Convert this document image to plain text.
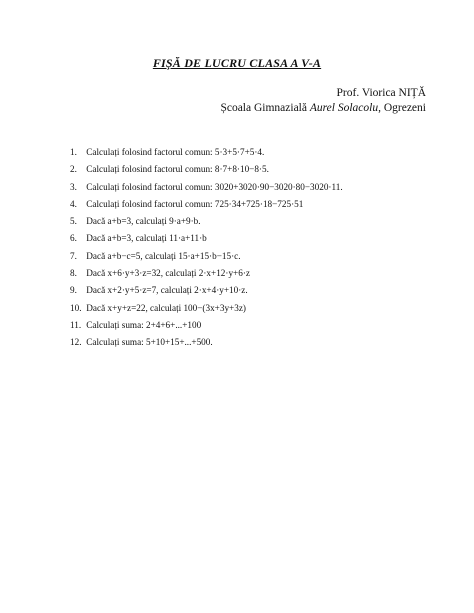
FIȘĂ DE LUCRU CLASA A V-A
Prof. Viorica NIȚĂ
Școala Gimnazială Aurel Solacolu, Ogrezeni
1. Calculați folosind factorul comun: 5·3+5·7+5·4.
2. Calculați folosind factorul comun: 8·7+8·10−8·5.
3. Calculați folosind factorul comun: 3020+3020·90−3020·80−3020·11.
4. Calculați folosind factorul comun: 725·34+725·18−725·51
5. Dacă a+b=3, calculați 9·a+9·b.
6. Dacă a+b=3, calculați 11·a+11·b
7. Dacă a+b−c=5, calculați 15·a+15·b−15·c.
8. Dacă x+6·y+3·z=32, calculați 2·x+12·y+6·z
9. Dacă x+2·y+5·z=7, calculați 2·x+4·y+10·z.
10. Dacă x+y+z=22, calculați 100−(3x+3y+3z)
11. Calculați suma: 2+4+6+...+100
12. Calculați suma: 5+10+15+...+500.
